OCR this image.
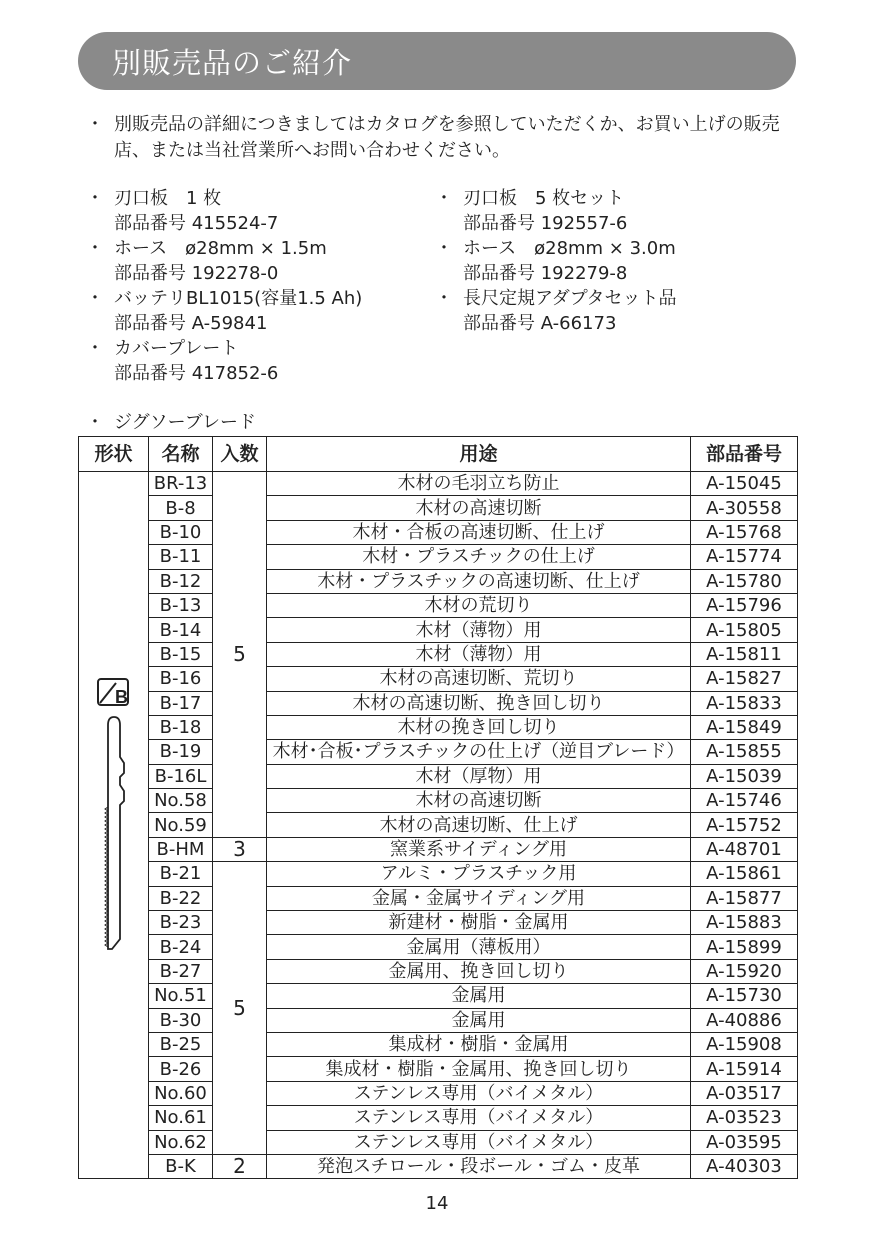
別販売品のご紹介
・ 別販売品の詳細につきましてはカタログを参照していただくか、お買い上げの販売店、または当社営業所へお問い合わせください。
・ 刃口板　1 枚
部品番号 415524-7
・ ホース　ø28mm × 1.5m
部品番号 192278-0
・ バッテリBL1015(容量1.5 Ah)
部品番号 A-59841
・ カバープレート
部品番号 417852-6
・ 刃口板　5 枚セット
部品番号 192557-6
・ ホース　ø28mm × 3.0m
部品番号 192279-8
・ 長尺定規アダプタセット品
部品番号 A-66173
・ ジグソーブレード
形状	名称	入数	用途	部品番号

B	BR-13	5	木材の毛羽立ち防止	A-15045
	B-8		木材の高速切断	A-30558
	B-10		木材・合板の高速切断、仕上げ	A-15768
	B-11		木材・プラスチックの仕上げ	A-15774
	B-12		木材・プラスチックの高速切断、仕上げ	A-15780
	B-13		木材の荒切り	A-15796
	B-14		木材（薄物）用	A-15805
	B-15		木材（薄物）用	A-15811
	B-16		木材の高速切断、荒切り	A-15827
	B-17		木材の高速切断、挽き回し切り	A-15833
	B-18		木材の挽き回し切り	A-15849
	B-19		木材･合板･プラスチックの仕上げ（逆目ブレード）	A-15855
	B-16L		木材（厚物）用	A-15039
	No.58		木材の高速切断	A-15746
	No.59		木材の高速切断、仕上げ	A-15752
	B-HM	3	窯業系サイディング用	A-48701
	B-21	5	アルミ・プラスチック用	A-15861
	B-22		金属・金属サイディング用	A-15877
	B-23		新建材・樹脂・金属用	A-15883
	B-24		金属用（薄板用）	A-15899
	B-27		金属用、挽き回し切り	A-15920
	No.51		金属用	A-15730
	B-30		金属用	A-40886
	B-25		集成材・樹脂・金属用	A-15908
	B-26		集成材・樹脂・金属用、挽き回し切り	A-15914
	No.60		ステンレス専用（バイメタル）	A-03517
	No.61		ステンレス専用（バイメタル）	A-03523
	No.62		ステンレス専用（バイメタル）	A-03595
	B-K	2	発泡スチロール・段ボール・ゴム・皮革	A-40303
14
